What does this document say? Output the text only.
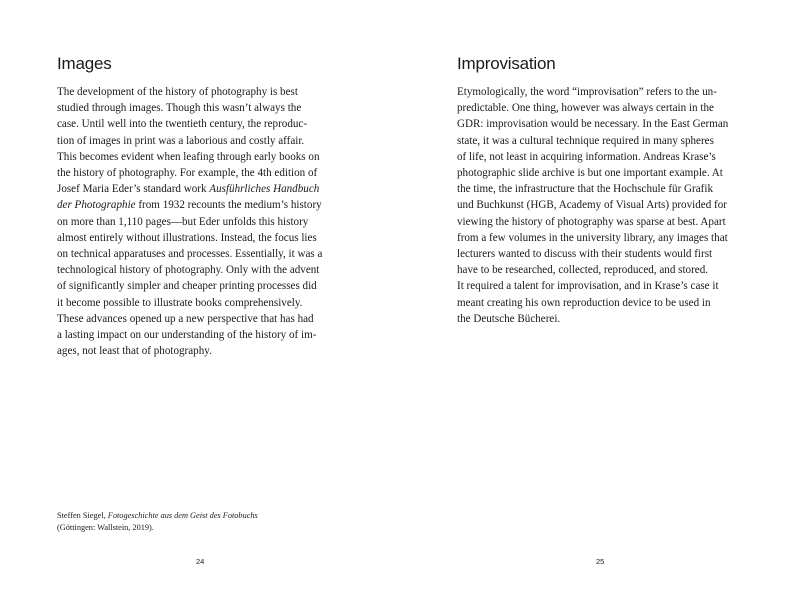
Images
The development of the history of photography is best
studied through images. Though this wasn’t always the
case. Until well into the twentieth century, the reproduc-
tion of images in print was a laborious and costly affair.
This becomes evident when leafing through early books on
the history of photography. For example, the 4th edition of
Josef Maria Eder’s standard work Ausführliches Handbuch
der Photographie from 1932 recounts the medium’s history
on more than 1,110 pages—but Eder unfolds this history
almost entirely without illustrations. Instead, the focus lies
on technical apparatuses and processes. Essentially, it was a
technological history of photography. Only with the advent
of significantly simpler and cheaper printing processes did
it become possible to illustrate books comprehensively.
These advances opened up a new perspective that has had
a lasting impact on our understanding of the history of im-
ages, not least that of photography.
Steffen Siegel, Fotogeschichte aus dem Geist des Fotobuchs
(Göttingen: Wallstein, 2019).
24
Improvisation
Etymologically, the word “improvisation” refers to the un-
predictable. One thing, however was always certain in the
GDR: improvisation would be necessary. In the East German
state, it was a cultural technique required in many spheres
of life, not least in acquiring information. Andreas Krase’s
photographic slide archive is but one important example. At
the time, the infrastructure that the Hochschule für Grafik
und Buchkunst (HGB, Academy of Visual Arts) provided for
viewing the history of photography was sparse at best. Apart
from a few volumes in the university library, any images that
lecturers wanted to discuss with their students would first
have to be researched, collected, reproduced, and stored.
It required a talent for improvisation, and in Krase’s case it
meant creating his own reproduction device to be used in
the Deutsche Bücherei.
25
